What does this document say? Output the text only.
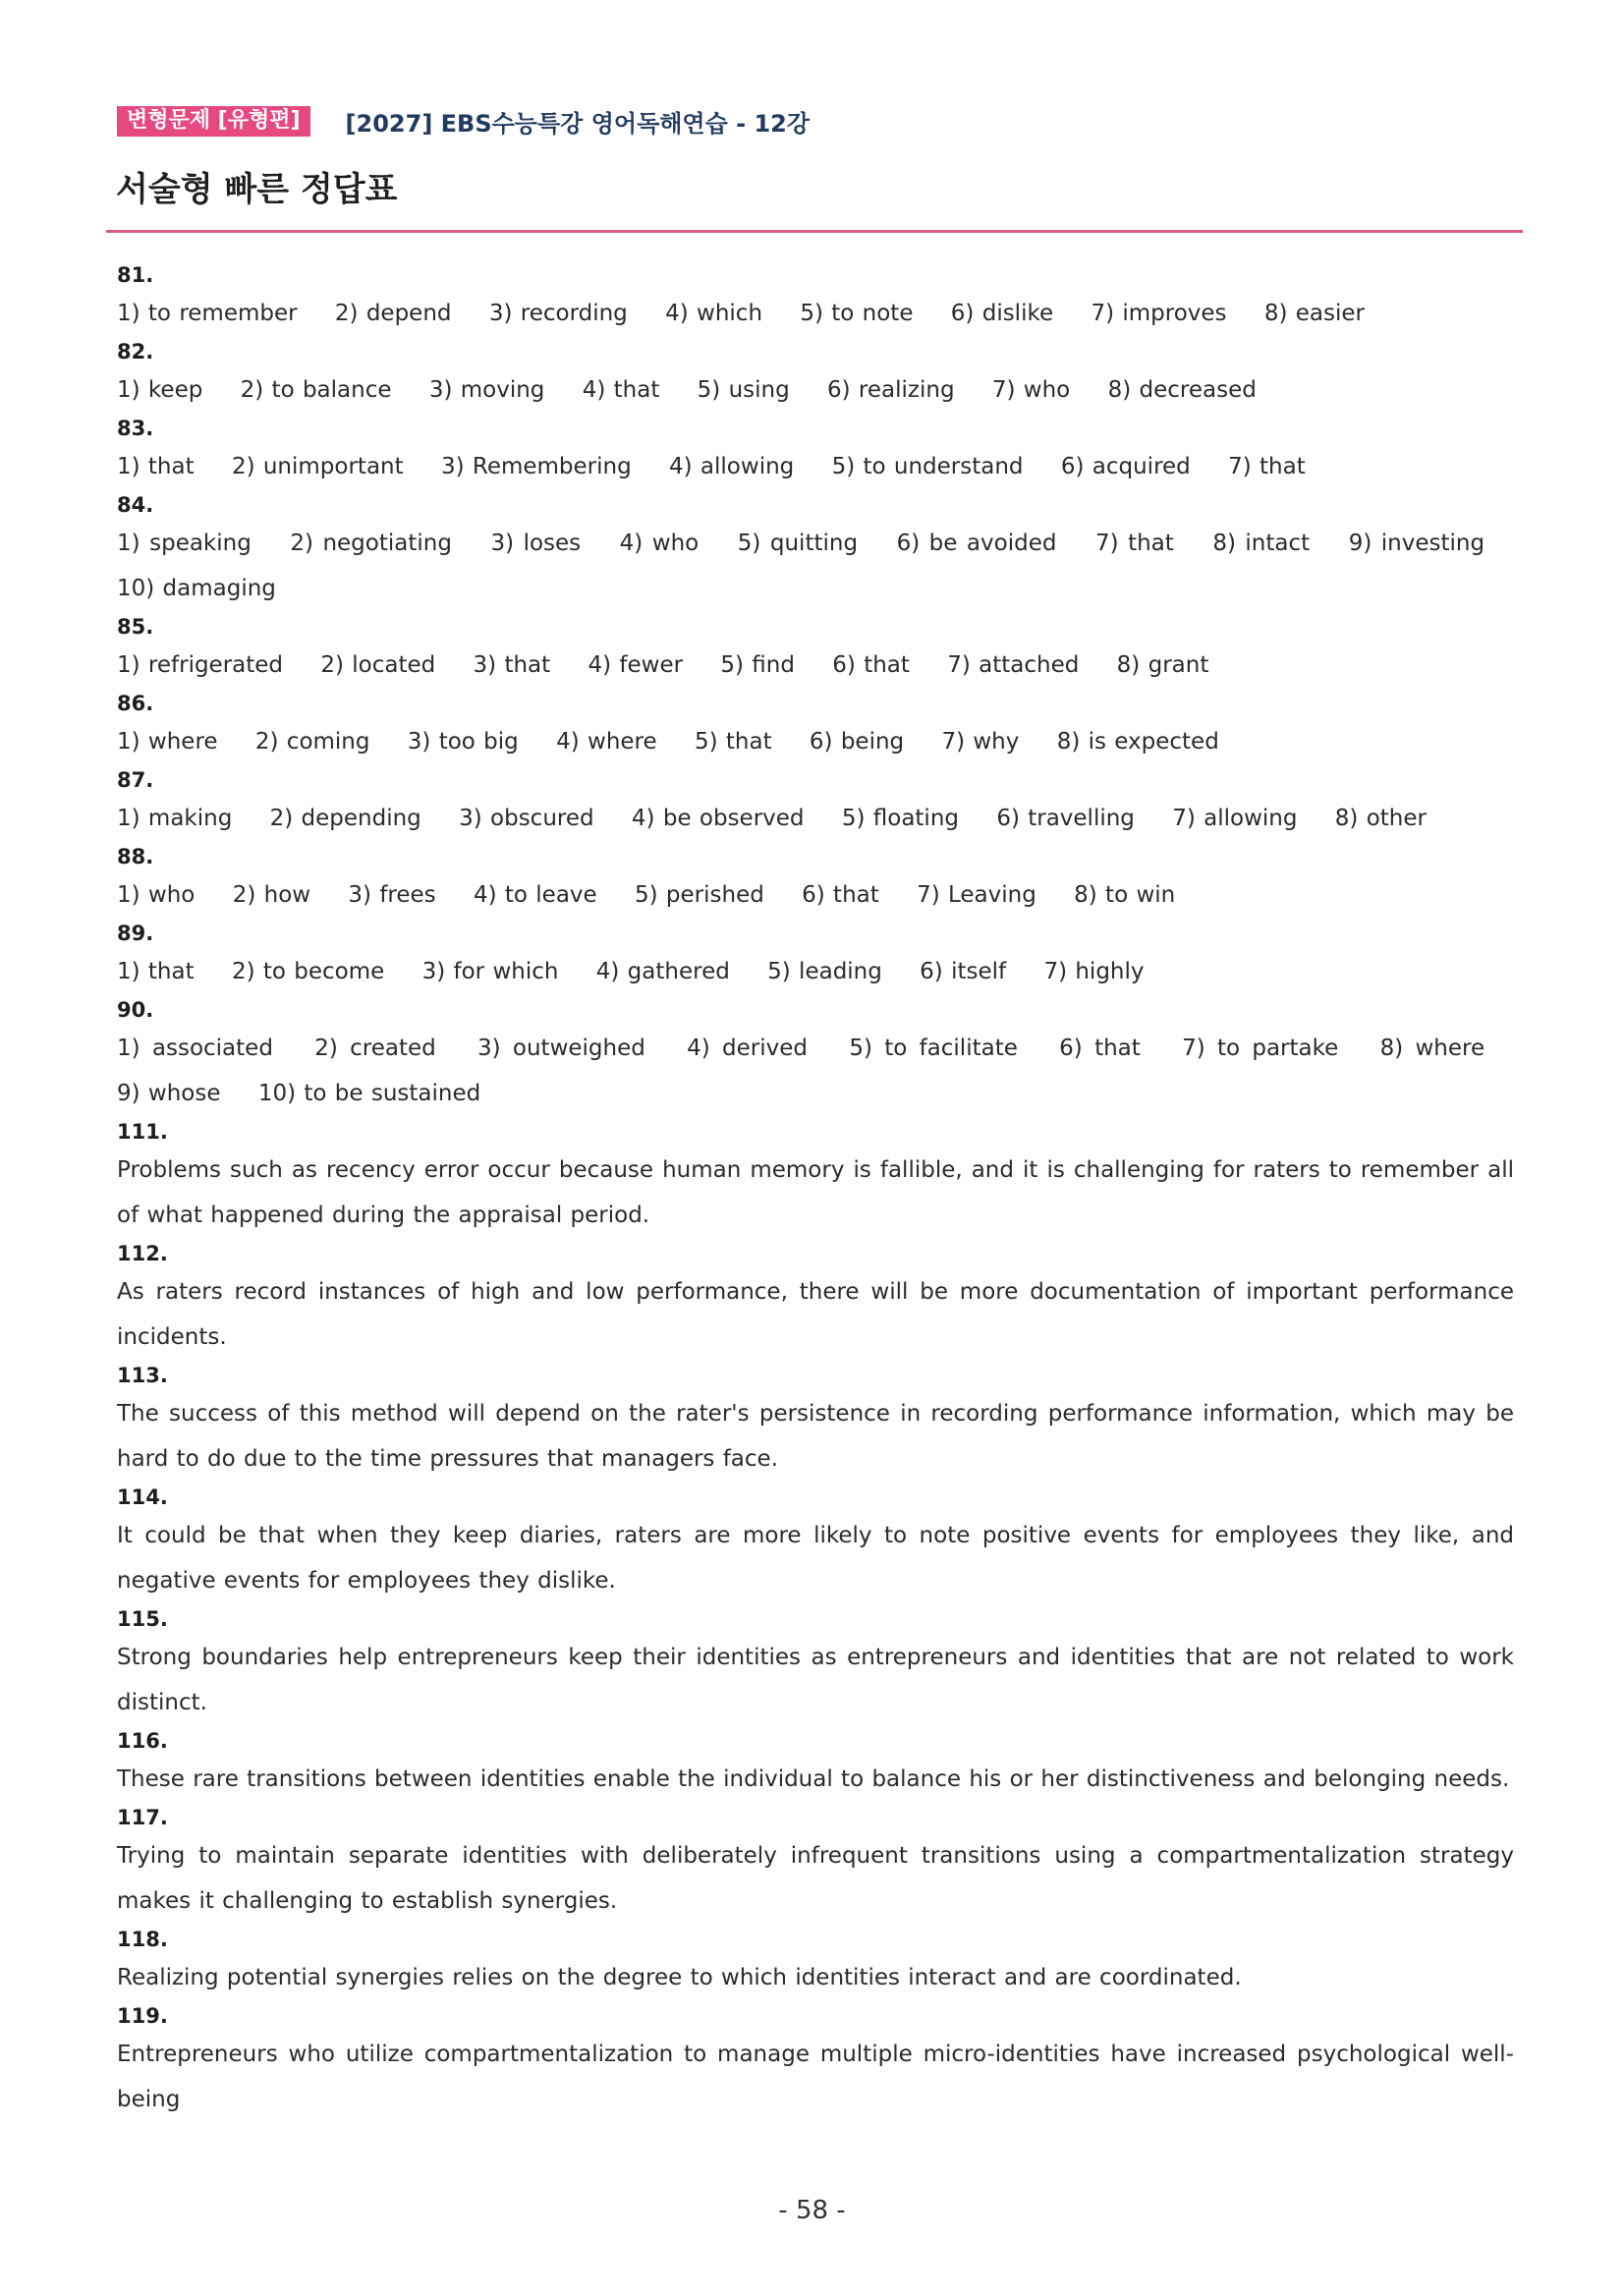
변형문제 [유형편]	[2027] EBS수능특강 영어독해연습 - 12강
서술형 빠른 정답표
81.
1) to remember 2) depend 3) recording 4) which 5) to note 6) dislike 7) improves 8) easier
82.
1) keep 2) to balance 3) moving 4) that 5) using 6) realizing 7) who 8) decreased
83.
1) that 2) unimportant 3) Remembering 4) allowing 5) to understand 6) acquired 7) that
84.
1) speaking 2) negotiating 3) loses 4) who 5) quitting 6) be avoided 7) that 8) intact 9) investing 10) damaging
85.
1) refrigerated 2) located 3) that 4) fewer 5) find 6) that 7) attached 8) grant
86.
1) where 2) coming 3) too big 4) where 5) that 6) being 7) why 8) is expected
87.
1) making 2) depending 3) obscured 4) be observed 5) floating 6) travelling 7) allowing 8) other
88.
1) who 2) how 3) frees 4) to leave 5) perished 6) that 7) Leaving 8) to win
89.
1) that 2) to become 3) for which 4) gathered 5) leading 6) itself 7) highly
90.
1) associated 2) created 3) outweighed 4) derived 5) to facilitate 6) that 7) to partake 8) where 9) whose 10) to be sustained
111.
Problems such as recency error occur because human memory is fallible, and it is challenging for raters to remember all of what happened during the appraisal period.
112.
As raters record instances of high and low performance, there will be more documentation of important performance incidents.
113.
The success of this method will depend on the rater's persistence in recording performance information, which may be hard to do due to the time pressures that managers face.
114.
It could be that when they keep diaries, raters are more likely to note positive events for employees they like, and negative events for employees they dislike.
115.
Strong boundaries help entrepreneurs keep their identities as entrepreneurs and identities that are not related to work distinct.
116.
These rare transitions between identities enable the individual to balance his or her distinctiveness and belonging needs.
117.
Trying to maintain separate identities with deliberately infrequent transitions using a compartmentalization strategy makes it challenging to establish synergies.
118.
Realizing potential synergies relies on the degree to which identities interact and are coordinated.
119.
Entrepreneurs who utilize compartmentalization to manage multiple micro-identities have increased psychological well-being
- 58 -
